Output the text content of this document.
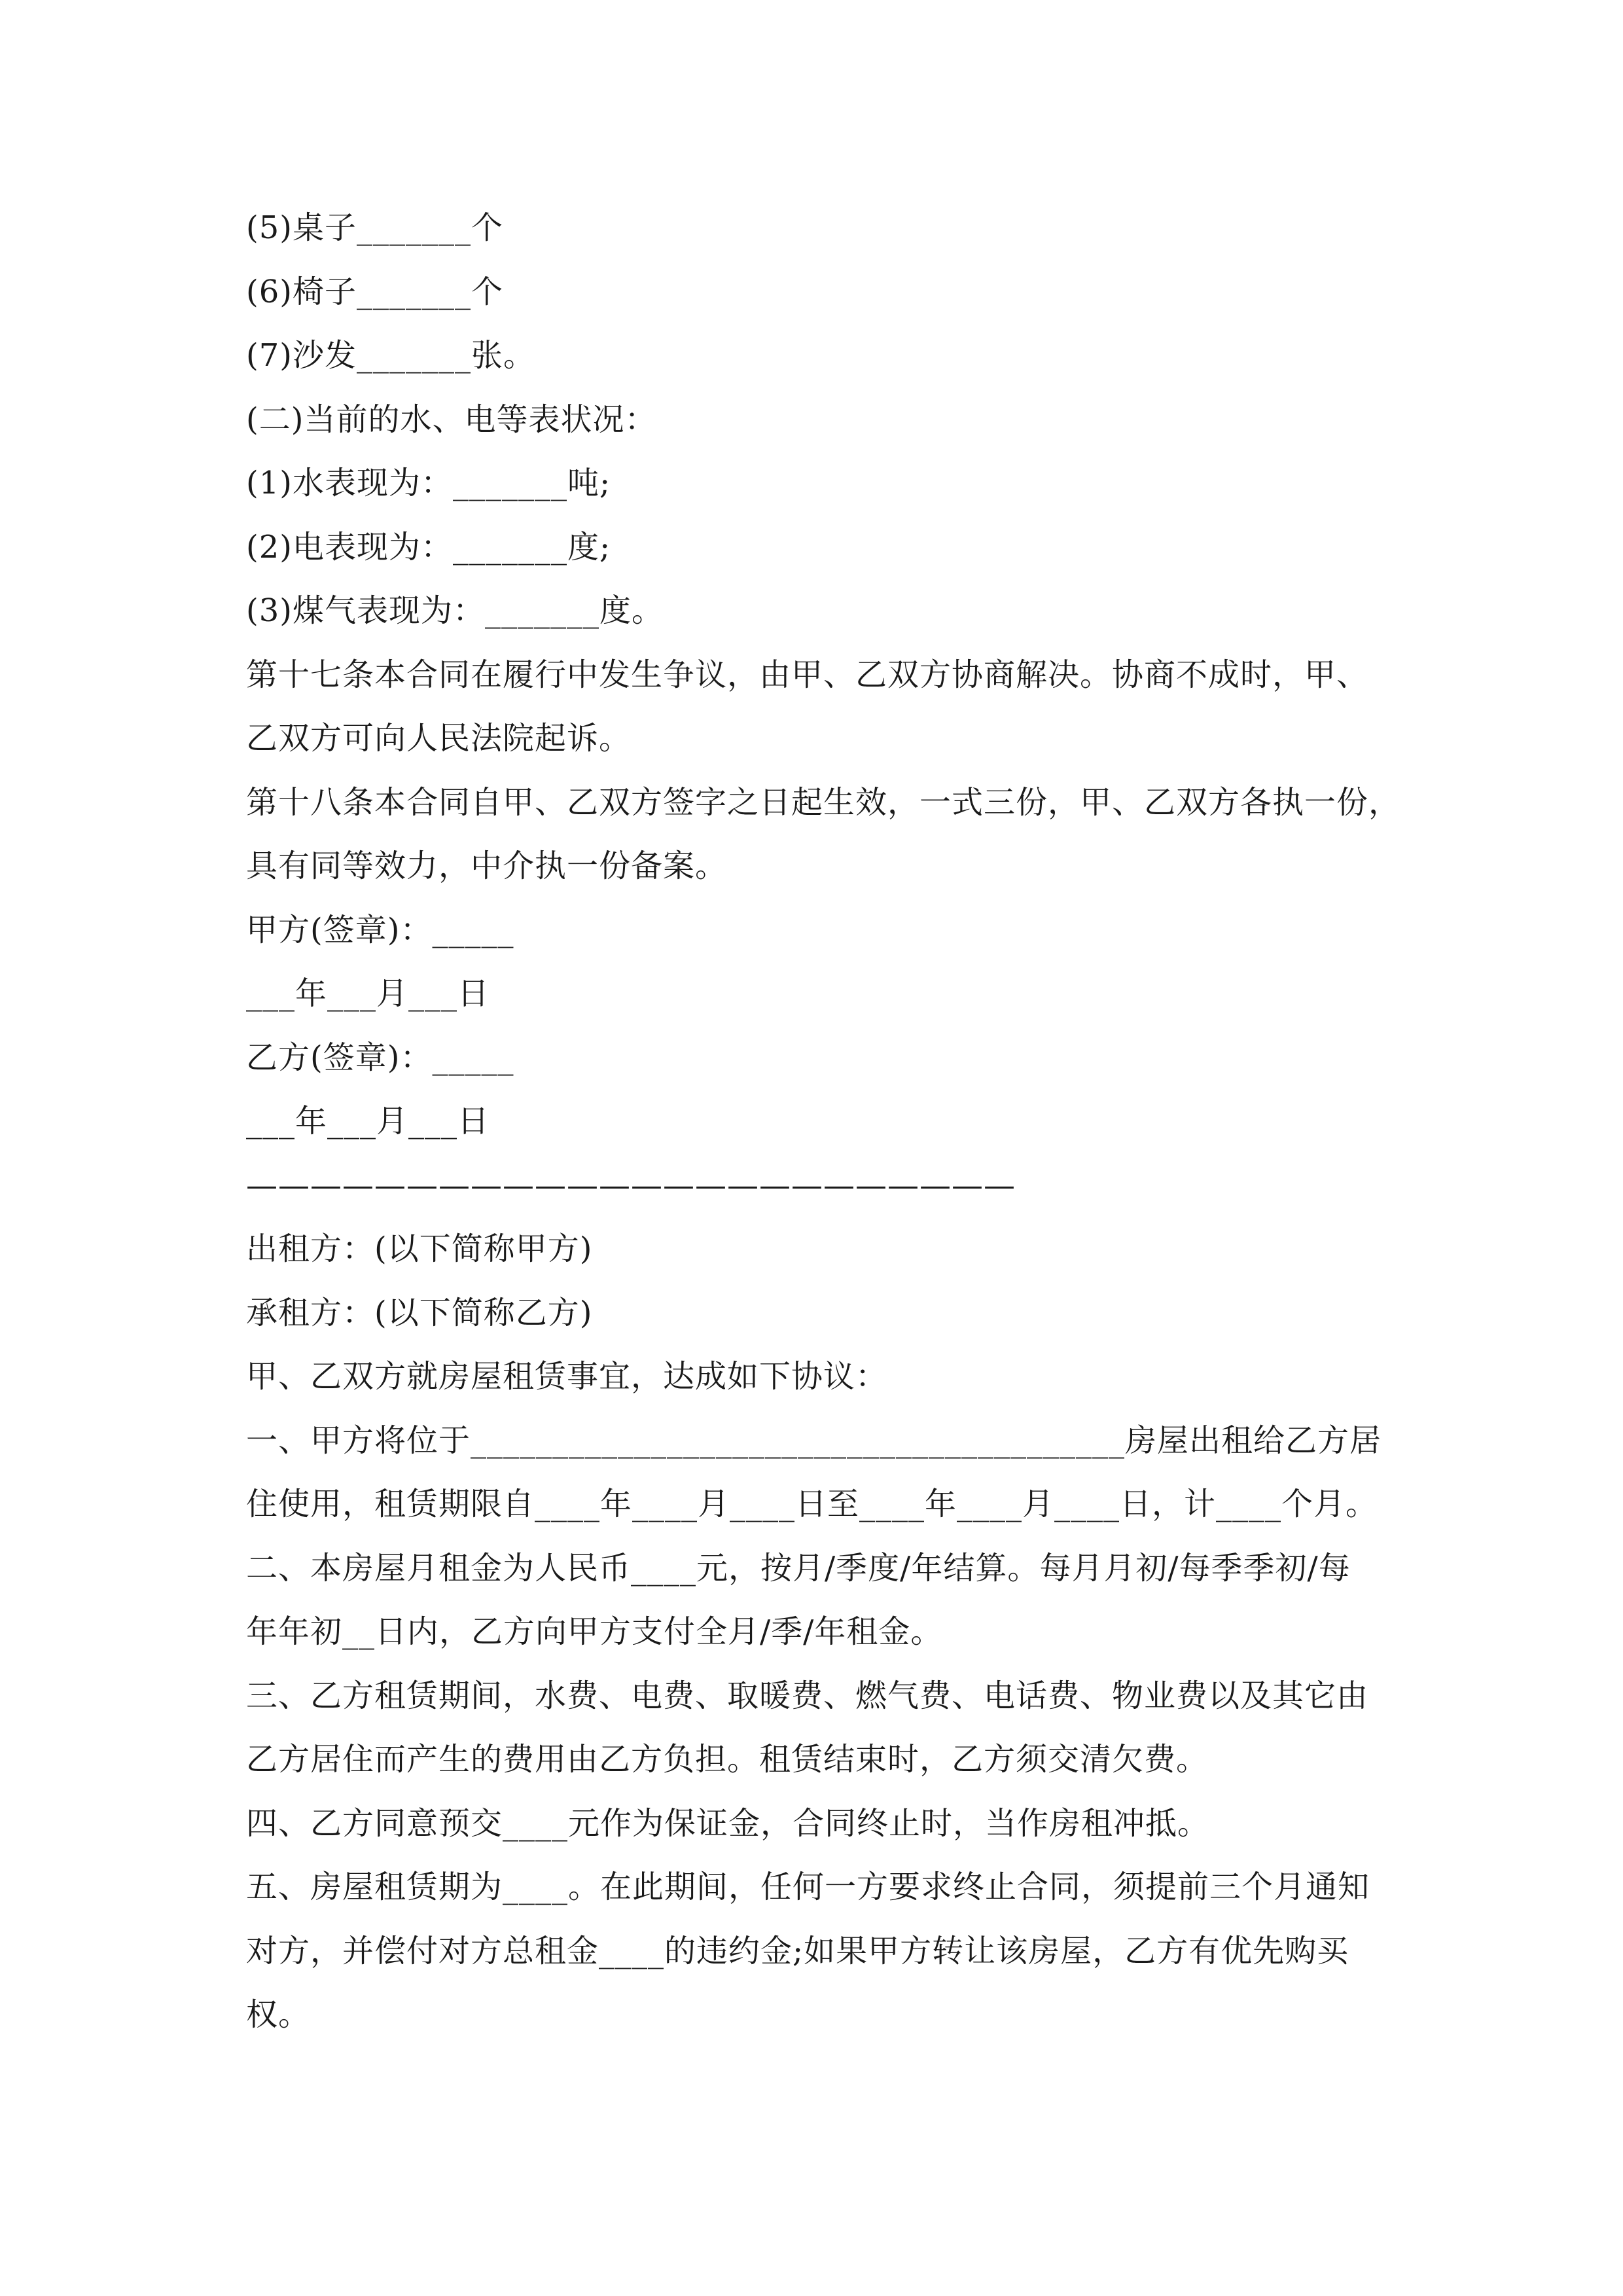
(5)桌子_______个
(6)椅子_______个
(7)沙发_______张。
(二)当前的水、电等表状况：
(1)水表现为：_______吨;
(2)电表现为：_______度;
(3)煤气表现为：_______度。
第十七条本合同在履行中发生争议，由甲、乙双方协商解决。协商不成时，甲、
乙双方可向人民法院起诉。
第十八条本合同自甲、乙双方签字之日起生效，一式三份，甲、乙双方各执一份，
具有同等效力，中介执一份备案。
甲方(签章)：_____
___年___月___日
乙方(签章)：_____
___年___月___日
————————————————————————
出租方：(以下简称甲方)
承租方：(以下简称乙方)
甲、乙双方就房屋租赁事宜，达成如下协议：
一、甲方将位于________________________________________房屋出租给乙方居
住使用，租赁期限自____年____月____日至____年____月____日，计____个月。
二、本房屋月租金为人民币____元，按月/季度/年结算。每月月初/每季季初/每
年年初__日内，乙方向甲方支付全月/季/年租金。
三、乙方租赁期间，水费、电费、取暖费、燃气费、电话费、物业费以及其它由
乙方居住而产生的费用由乙方负担。租赁结束时，乙方须交清欠费。
四、乙方同意预交____元作为保证金，合同终止时，当作房租冲抵。
五、房屋租赁期为____。在此期间，任何一方要求终止合同，须提前三个月通知
对方，并偿付对方总租金____的违约金;如果甲方转让该房屋，乙方有优先购买
权。
